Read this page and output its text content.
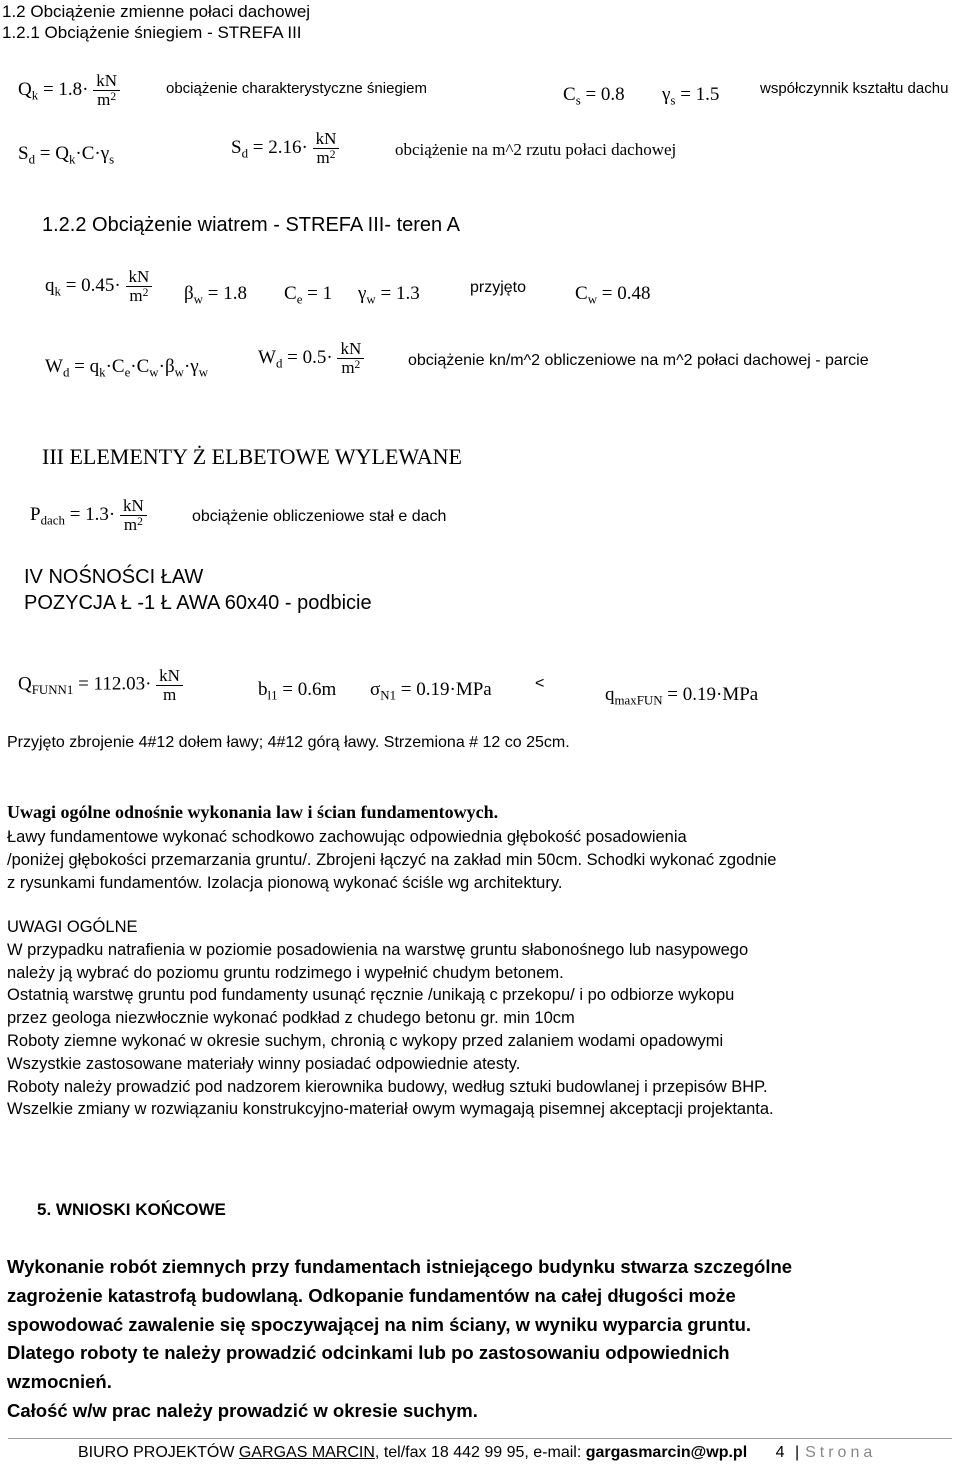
1.2 Obciążenie zmienne połaci dachowej
1.2.1 Obciążenie śniegiem - STREFA III
$Q_k = 1.8\cdot \frac{kN}{m^2}$	obciążenie charakterystyczne śniegiem	$C_s = 0.8$ $\gamma_s = 1.5$	współczynnik kształtu dachu
$S_d = Q_k\cdot C\cdot\gamma_s$
$S_d = 2.16\cdot \frac{kN}{m^2}$	obciążenie na m^2 rzutu połaci dachowej
1.2.2 Obciążenie wiatrem - STREFA III- teren A
$q_k = 0.45\cdot \frac{kN}{m^2} \beta_w = 1.8$ $C_e = 1$ $\gamma_w = 1.3$	przyjęto	$C_w = 0.48$
$W_d = q_k\cdot C_e\cdot C_w\cdot\beta_w\cdot\gamma_w$
$W_d = 0.5\cdot \frac{kN}{m^2}$	obciążenie kn/m^2 obliczeniowe na m^2 połaci dachowej - parcie
III ELEMENTY Ż ELBETOWE WYLEWANE
$P_{dach} = 1.3\cdot \frac{kN}{m^2}$	obciążenie obliczeniowe stał e dach
IV NOŚNOŚCI ŁAW
POZYCJA Ł -1 Ł AWA 60x40 - podbicie
$Q_{FUNN1} = 112.03\cdot \frac{kN}{m}$	$b_{l1} = 0.6m$ $\sigma_{N1} = 0.19\cdot MPa$	<
$q_{maxFUN} = 0.19\cdot MPa$
Przyjęto zbrojenie 4#12 dołem ławy; 4#12 górą ławy. Strzemiona # 12 co 25cm.
Uwagi ogólne odnośnie wykonania law i ścian fundamentowych.
Ławy fundamentowe wykonać schodkowo zachowując odpowiednia głębokość posadowienia
/poniżej głębokości przemarzania gruntu/. Zbrojeni łączyć na zakład min 50cm. Schodki wykonać zgodnie
z rysunkami fundamentów. Izolacja pionową wykonać ściśle wg architektury.
UWAGI OGÓLNE
W przypadku natrafienia w poziomie posadowienia na warstwę gruntu słabonośnego lub nasypowego
należy ją wybrać do poziomu gruntu rodzimego i wypełnić chudym betonem.
Ostatnią warstwę gruntu pod fundamenty usunąć ręcznie /unikają c przekopu/ i po odbiorze wykopu
przez geologa niezwłocznie wykonać podkład z chudego betonu gr. min 10cm
Roboty ziemne wykonać w okresie suchym, chronią c wykopy przed zalaniem wodami opadowymi
Wszystkie zastosowane materiały winny posiadać odpowiednie atesty.
Roboty należy prowadzić pod nadzorem kierownika budowy, według sztuki budowlanej i przepisów BHP.
Wszelkie zmiany w rozwiązaniu konstrukcyjno-materiał owym wymagają pisemnej akceptacji projektanta.
5. WNIOSKI KOŃCOWE
Wykonanie robót ziemnych przy fundamentach istniejącego budynku stwarza szczególne
zagrożenie katastrofą budowlaną. Odkopanie fundamentów na całej długości może
spowodować zawalenie się spoczywającej na nim ściany, w wyniku wyparcia gruntu.
Dlatego roboty te należy prowadzić odcinkami lub po zastosowaniu odpowiednich
wzmocnień.
Całość w/w prac należy prowadzić w okresie suchym.
BIURO PROJEKTÓW GARGAS MARCIN, tel/fax 18 442 99 95, e-mail: gargasmarcin@wp.pl 4 | Strona
